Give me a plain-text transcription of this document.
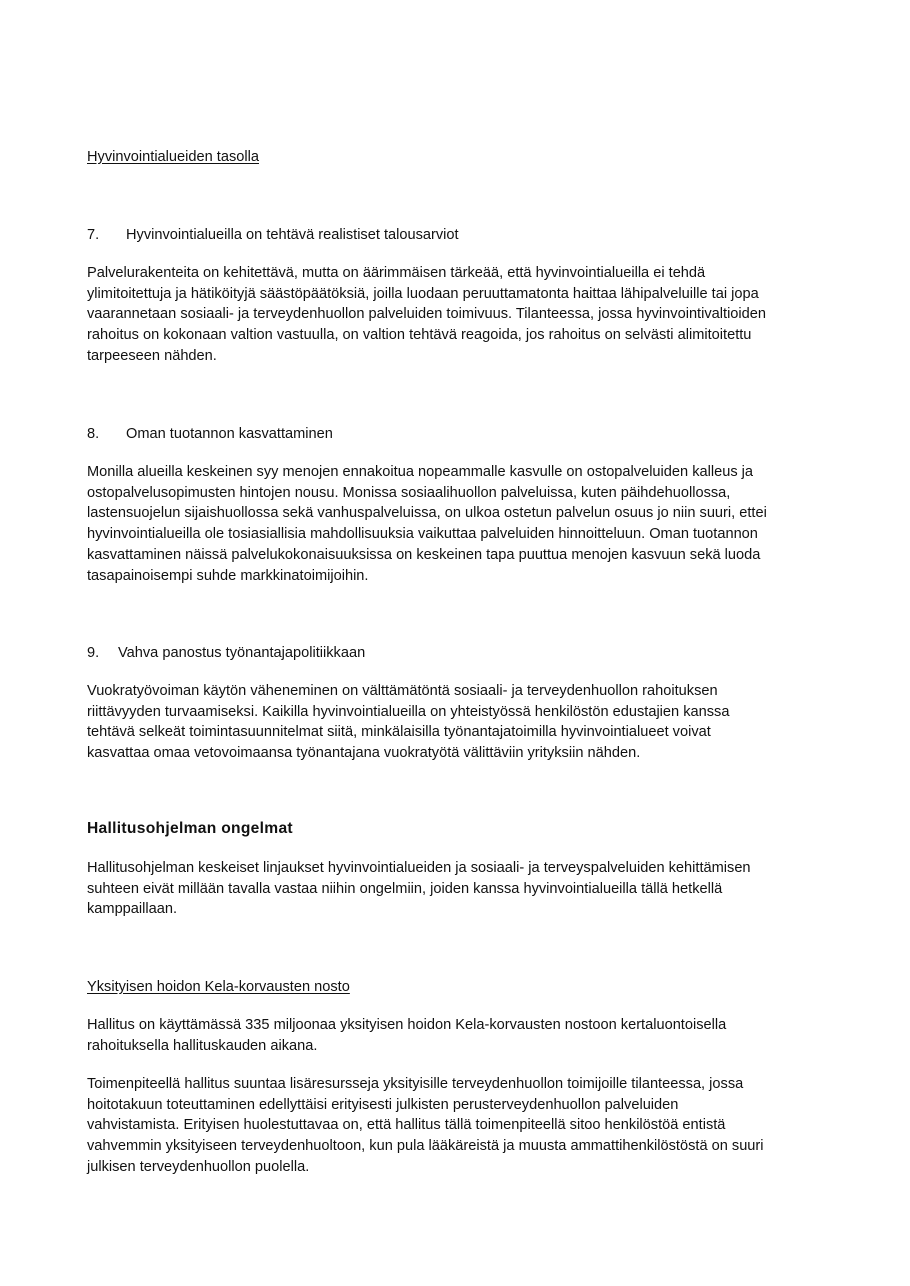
Hyvinvointialueiden tasolla
7. Hyvinvointialueilla on tehtävä realistiset talousarviot
Palvelurakenteita on kehitettävä, mutta on äärimmäisen tärkeää, että hyvinvointialueilla ei tehdä
ylimitoitettuja ja hätiköityjä säästöpäätöksiä, joilla luodaan peruuttamatonta haittaa lähipalveluille tai jopa
vaarannetaan sosiaali- ja terveydenhuollon palveluiden toimivuus. Tilanteessa, jossa hyvinvointivaltioiden
rahoitus on kokonaan valtion vastuulla, on valtion tehtävä reagoida, jos rahoitus on selvästi alimitoitettu
tarpeeseen nähden.
8. Oman tuotannon kasvattaminen
Monilla alueilla keskeinen syy menojen ennakoitua nopeammalle kasvulle on ostopalveluiden kalleus ja
ostopalvelusopimusten hintojen nousu. Monissa sosiaalihuollon palveluissa, kuten päihdehuollossa,
lastensuojelun sijaishuollossa sekä vanhuspalveluissa, on ulkoa ostetun palvelun osuus jo niin suuri, ettei
hyvinvointialueilla ole tosiasiallisia mahdollisuuksia vaikuttaa palveluiden hinnoitteluun. Oman tuotannon
kasvattaminen näissä palvelukokonaisuuksissa on keskeinen tapa puuttua menojen kasvuun sekä luoda
tasapainoisempi suhde markkinatoimijoihin.
9. Vahva panostus työnantajapolitiikkaan
Vuokratyövoiman käytön väheneminen on välttämätöntä sosiaali- ja terveydenhuollon rahoituksen
riittävyyden turvaamiseksi. Kaikilla hyvinvointialueilla on yhteistyössä henkilöstön edustajien kanssa
tehtävä selkeät toimintasuunnitelmat siitä, minkälaisilla työnantajatoimilla hyvinvointialueet voivat
kasvattaa omaa vetovoimaansa työnantajana vuokratyötä välittäviin yrityksiin nähden.
Hallitusohjelman ongelmat
Hallitusohjelman keskeiset linjaukset hyvinvointialueiden ja sosiaali- ja terveyspalveluiden kehittämisen
suhteen eivät millään tavalla vastaa niihin ongelmiin, joiden kanssa hyvinvointialueilla tällä hetkellä
kamppaillaan.
Yksityisen hoidon Kela-korvausten nosto
Hallitus on käyttämässä 335 miljoonaa yksityisen hoidon Kela-korvausten nostoon kertaluontoisella
rahoituksella hallituskauden aikana.
Toimenpiteellä hallitus suuntaa lisäresursseja yksityisille terveydenhuollon toimijoille tilanteessa, jossa
hoitotakuun toteuttaminen edellyttäisi erityisesti julkisten perusterveydenhuollon palveluiden
vahvistamista. Erityisen huolestuttavaa on, että hallitus tällä toimenpiteellä sitoo henkilöstöä entistä
vahvemmin yksityiseen terveydenhuoltoon, kun pula lääkäreistä ja muusta ammattihenkilöstöstä on suuri
julkisen terveydenhuollon puolella.
